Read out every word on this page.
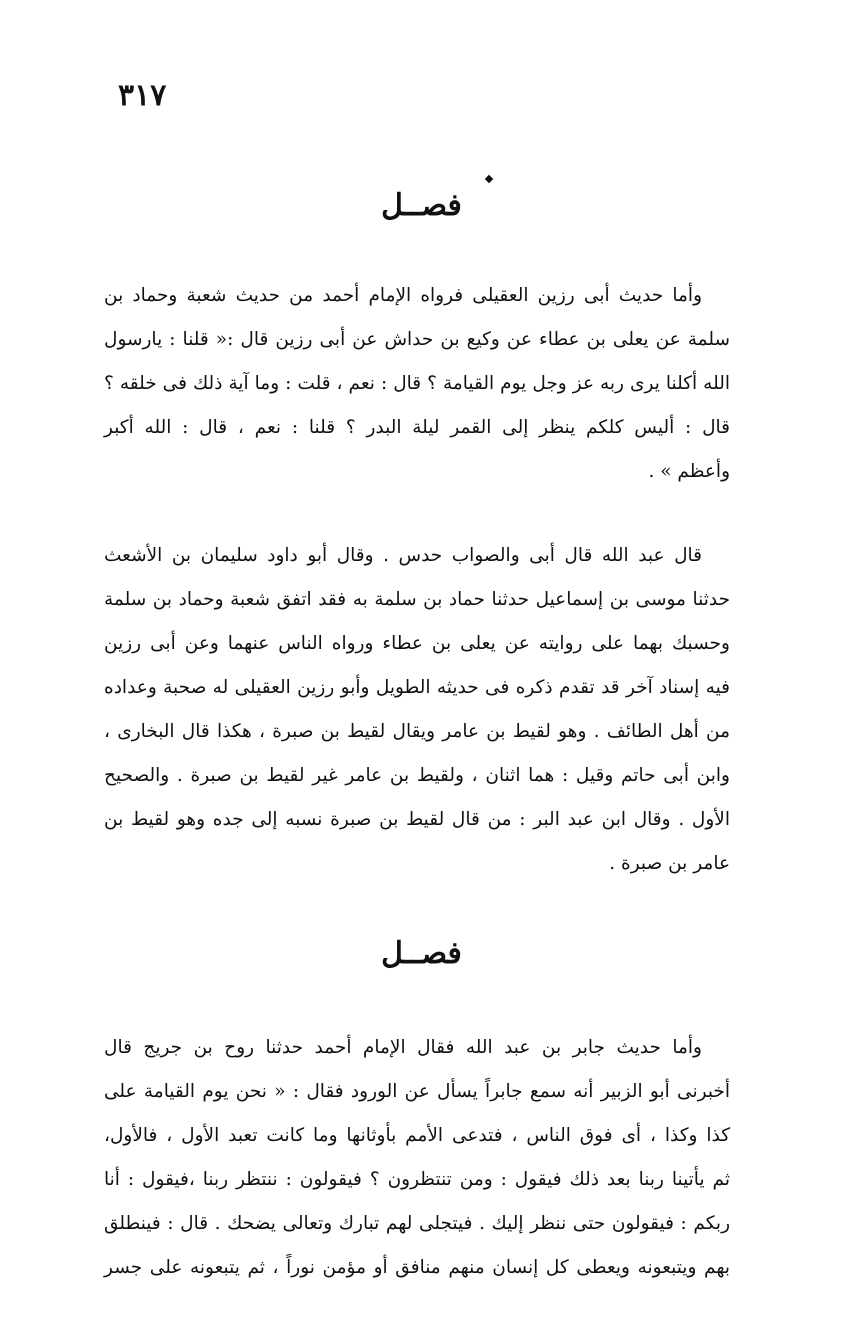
٣١٧
فصــل
وأما حديث أبى رزين العقيلى فرواه الإمام أحمد من حديث شعبة وحماد بن
سلمة عن يعلى بن عطاء عن وكيع بن حداش عن أبى رزين قال :« قلنا : يارسول
الله أكلنا يرى ربه عز وجل يوم القيامة ؟ قال : نعم ، قلت : وما آية ذلك فى خلقه ؟
قال : أليس كلكم ينظر إلى القمر ليلة البدر ؟ قلنا : نعم ، قال : الله أكبر
وأعظم » .
قال عبد الله قال أبى والصواب حدس . وقال أبو داود سليمان بن الأشعث
حدثنا موسى بن إسماعيل حدثنا حماد بن سلمة به فقد اتفق شعبة وحماد بن سلمة
وحسبك بهما على روايته عن يعلى بن عطاء ورواه الناس عنهما وعن أبى رزين
فيه إسناد آخر قد تقدم ذكره فى حديثه الطويل وأبو رزين العقيلى له صحبة وعداده
من أهل الطائف . وهو لقيط بن عامر ويقال لقيط بن صبرة ، هكذا قال البخارى ،
وابن أبى حاتم وقيل : هما اثنان ، ولقيط بن عامر غير لقيط بن صبرة . والصحيح
الأول . وقال ابن عبد البر : من قال لقيط بن صبرة نسبه إلى جده وهو لقيط بن
عامر بن صبرة .
فصــل
وأما حديث جابر بن عبد الله فقال الإمام أحمد حدثنا روح بن جريج قال
أخبرنى أبو الزبير أنه سمع جابراً يسأل عن الورود فقال : « نحن يوم القيامة على
كذا وكذا ، أى فوق الناس ، فتدعى الأمم بأوثانها وما كانت تعبد الأول ، فالأول،
ثم يأتينا ربنا بعد ذلك فيقول : ومن تنتظرون ؟ فيقولون : ننتظر ربنا ،فيقول : أنا
ربكم : فيقولون حتى ننظر إليك . فيتجلى لهم تبارك وتعالى يضحك . قال : فينطلق
بهم ويتبعونه ويعطى كل إنسان منهم منافق أو مؤمن نوراً ، ثم يتبعونه على جسر
